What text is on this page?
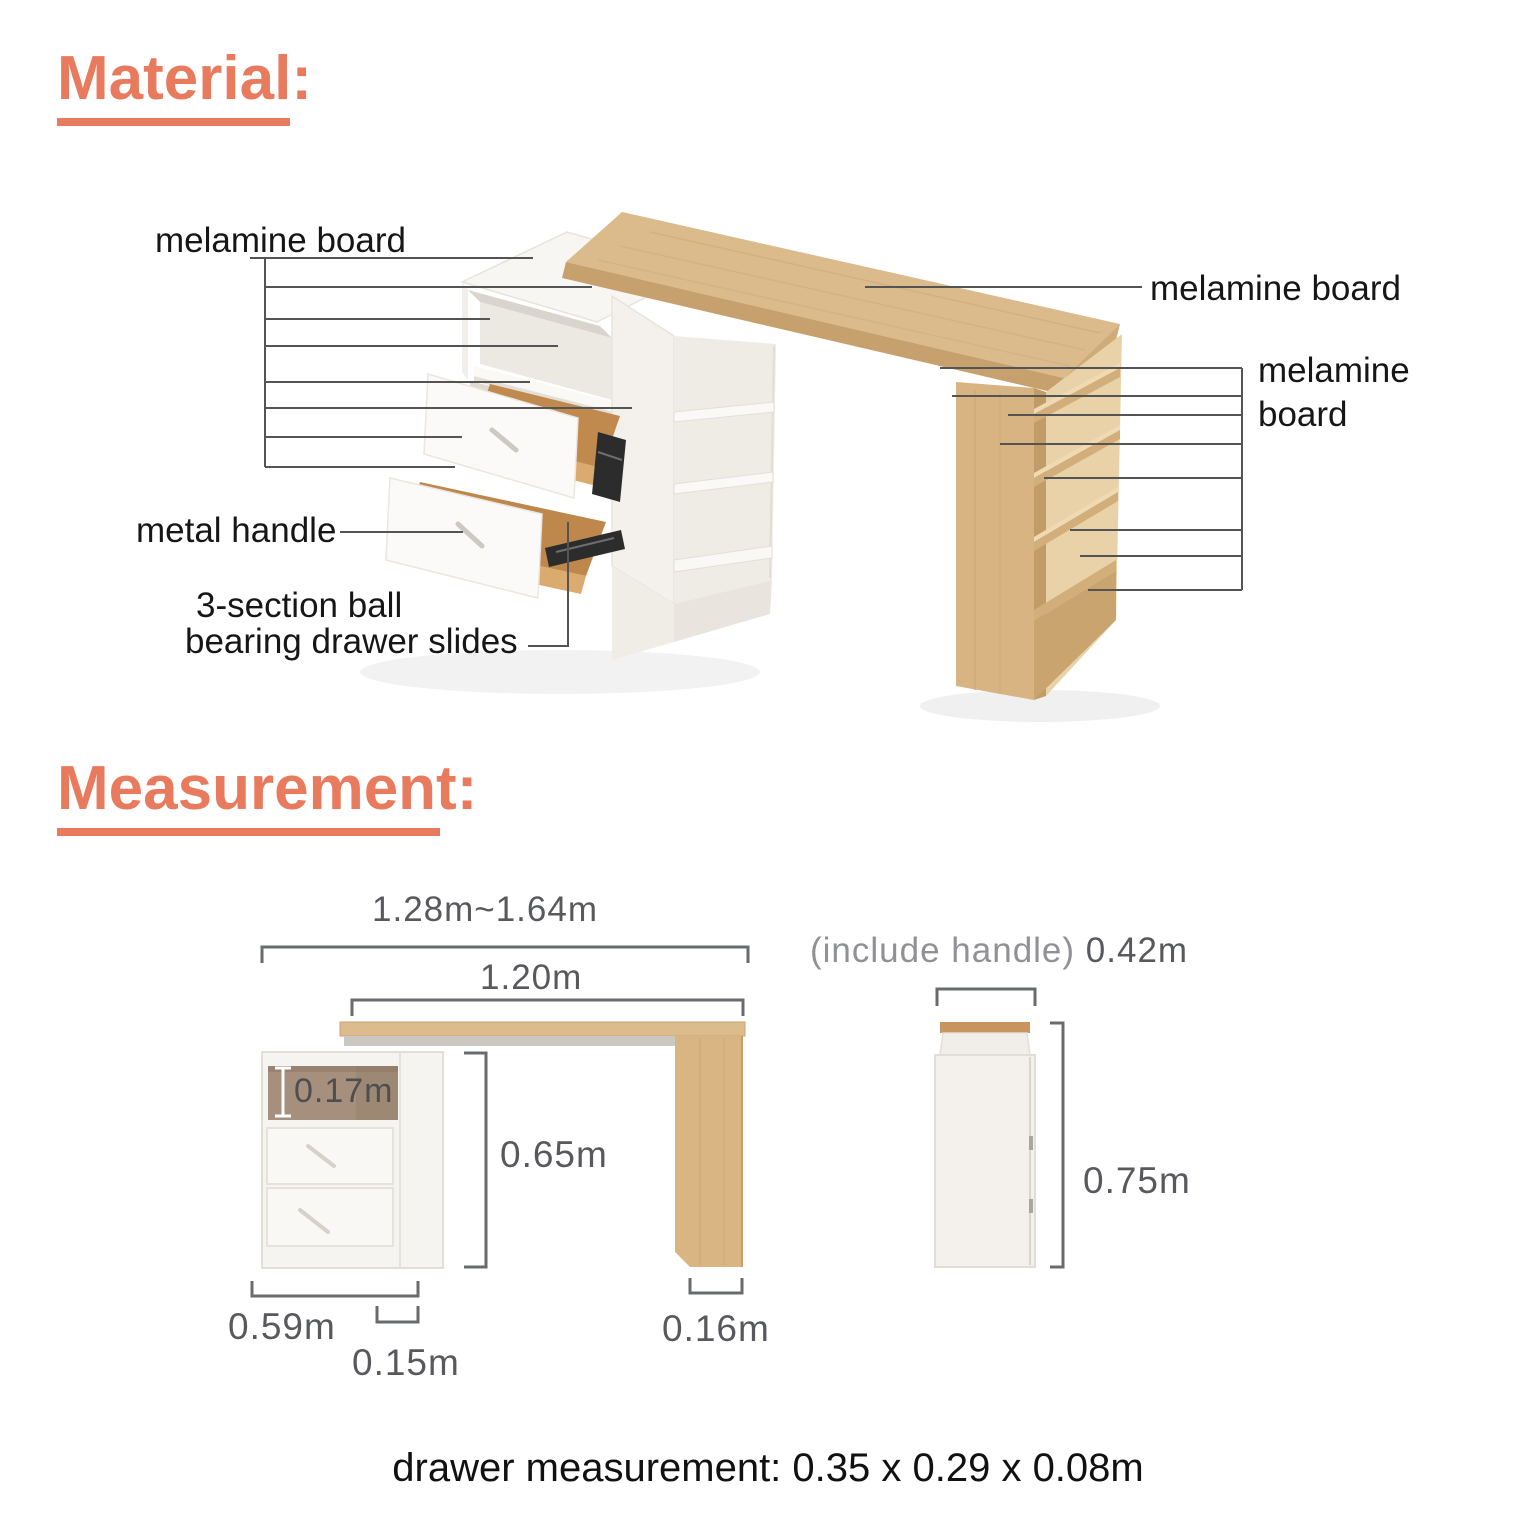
Material:
melamine board
melamine board
melamine
board
metal handle
3-section ball
bearing drawer slides
Measurement:
1.28m~1.64m
1.20m
0.17m
0.65m
0.59m
0.15m
0.16m
(include handle) 0.42m
0.75m
drawer measurement: 0.35 x 0.29 x 0.08m
